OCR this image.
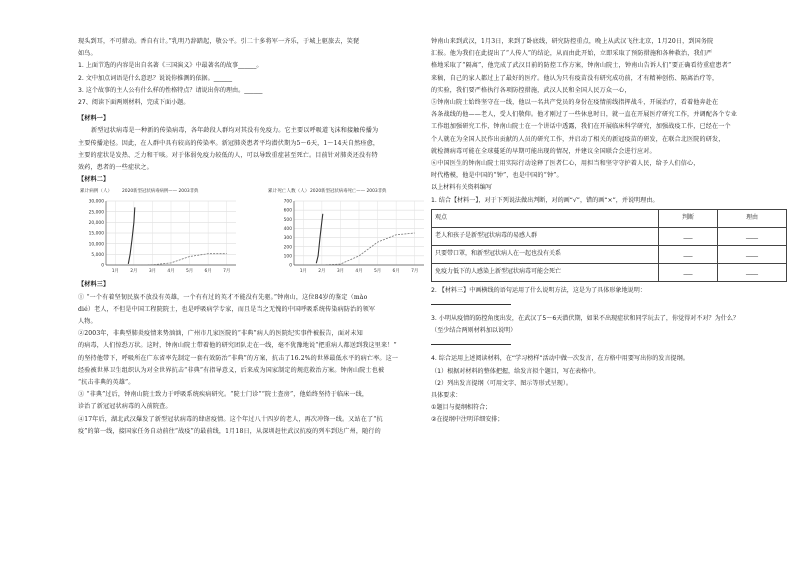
现头到耳，不可措动。香自有计。”乳明乃辞踏起，敬公平。引二十多将军一齐乐，于城上驱旅去，笑琵

如鸟。

1. 上面节选的内容是出自名著《三国演义》中最著名的故事______。

2. 文中加点词语是什么意思？说说你推测的依据。______

3. 这个故事的主人公有什么样的性格特点？请说出你的理由。______

27、阅读下面两则材料，完成下面小题。

【材料一】

新型冠状病毒是一种新的传染病毒，各年龄段人群均对其没有免疫力。它主要以呼吸道飞沫和接触传播为

主要传播途径。因此，在人群中具有较高的传染率。新冠肺炎患者平均潜伏期为5～6天，1～14天自然痊愈，

主要的症状是发热、乏力和干咳。对于体弱免疫力较低的人，可以导致重症甚至死亡。目前针对肺炎还没有特

效药，患者的一些症状之。

【材料二】

累计病例（人） 2020新型冠状病毒病例—— 2003非典
0
5,000
10,000
15,000
20,000
25,000
30,000
1月	2月	3月	4月	5月	6月	7月
累计死亡人数（人） 2020新型冠状病毒死亡—— 2003非典
0
100
200
300
400
500
600
700
1月	2月	3月	4月	5月	6月	7月

【材料三】

① “一个有着坚韧民族不放没有英雄，一个有有过的英才不能没有先驱。”钟南山，这位84岁的鉴定（mào

dié）老人，不但是中国工程院院士，也是呼吸病学专家，而且是当之无愧的中国呼吸系统传染病防治的领军

人物。

②2003年，非典型肺炎疫情来势汹汹，广州市几家医院的“非典”病人的医院纪实事件被报告，面对未知

的病毒，人们惊恐万状。这时，钟南山院士带着他的研究团队走在一线，毫不犹豫地说“把重病人都送到我这里来！”

的坚持他带下，呼吸所在广东省率先制定一套有效防治“非典”的方案，抗击了16.2%的世界最低水平的病亡率。这一

经验被世界卫生组织认为对全世界抗击“非典”有指导意义，后来成为国家制定的规范救治方案。钟南山院士也被

“抗击非典的英雄”。

③ “非典”过后，钟南山院士致力于呼吸系统疾病研究。“院士门诊”“院士查房”，他始终坚持于临床一线，

诊治了新冠冠状病毒的入前院查。

④17年后，湖北武汉爆发了新型冠状病毒的肆虐疫情。这个年过八十四岁的老人，再次冲锋一线。又站在了“抗

疫”的第一线，接国家任务自动前往“战疫”的最前线，1月18日，从深圳赶往武汉抗疫的列车到达广州，随行的

钟南山来到武汉，1月3日，来到了卧底线，研究防控重点，晚上从武汉飞往北京，1月20日，到国务院

汇报。他为我们在此提出了“人传人”的结论，从而由此开始，立即采取了预防措施和各种救治，我们严

格地采取了“隔离”，他完成了武汉目前的防控工作方案，钟南山院士，钟南山告诉人们“要正确看待重症患者”

来稿，自己的家人都过上了最好的医疗。他认为只有疫苗没有研究成功前，才有精神创伤、隔离治疗等，

的实验，我们要严格执行各项防控措施，武汉人民和全国人民万众一心，

⑤钟南山院士始终坚守在一线，他以一名共产党员的身份在疫情前线指挥战斗，开展治疗，看着他奔赴在

各条战线的他——老人，受人们敬仰。他才刚过了一些休息时日，就一直在开展医疗研究工作，并调配各个专业

工作组加强研究工作，钟南山院士在一个讲话中透露，我们在开展临床科学研究，加强战疫工作，已经在一个

个人就在为全国人民作出贡献的人员的研究工作，并启动了相关的新冠疫苗的研发，在联合北医院的研发，

就检测病毒可能在全球蔓延的早期可能出现的情况，并建议全国联合会进行应对。

⑥中国医生的钟南山院士用实际行动诠释了医者仁心，用担当和坚守守护着人民，给予人们信心，

时代楷模，他是中国的“钟”，也是中国的“钟”。

以上材料有关资料编写

1. 结合【材料一】，对于下列说法做出判断，对的画“√”，错的画“×”，并说明理由。

观点	判断	理由
老人和孩子是新型冠状病毒的易感人群	___	____
只要带口罩，和新型冠状病人在一起也没有关系	___	____
免疫力低下的人感染上新型冠状病毒可能会死亡	___	____

2. 【材料三】中画横线的语句运用了什么说明方法，这是为了具体形象地说明：

3. 小明从疫情的防控角度出发，在武汉了5～6天潜伏期，如果不出现症状和同学玩去了，你觉得对不对？为什么？

（至少结合两则材料加以说明）

4. 综合运用上述阅读材料，在“学习榜样”活动中做一次发言，在方格中用要写出你的发言提纲。

（1）根据对材料的整体把握，给发言拟个题目，写在表格中。

（2）列出发言提纲（可用文字、图示等形式呈现）。

具体要求：

①题目与提纲相符合；

②在提纲中注明详细安排；
